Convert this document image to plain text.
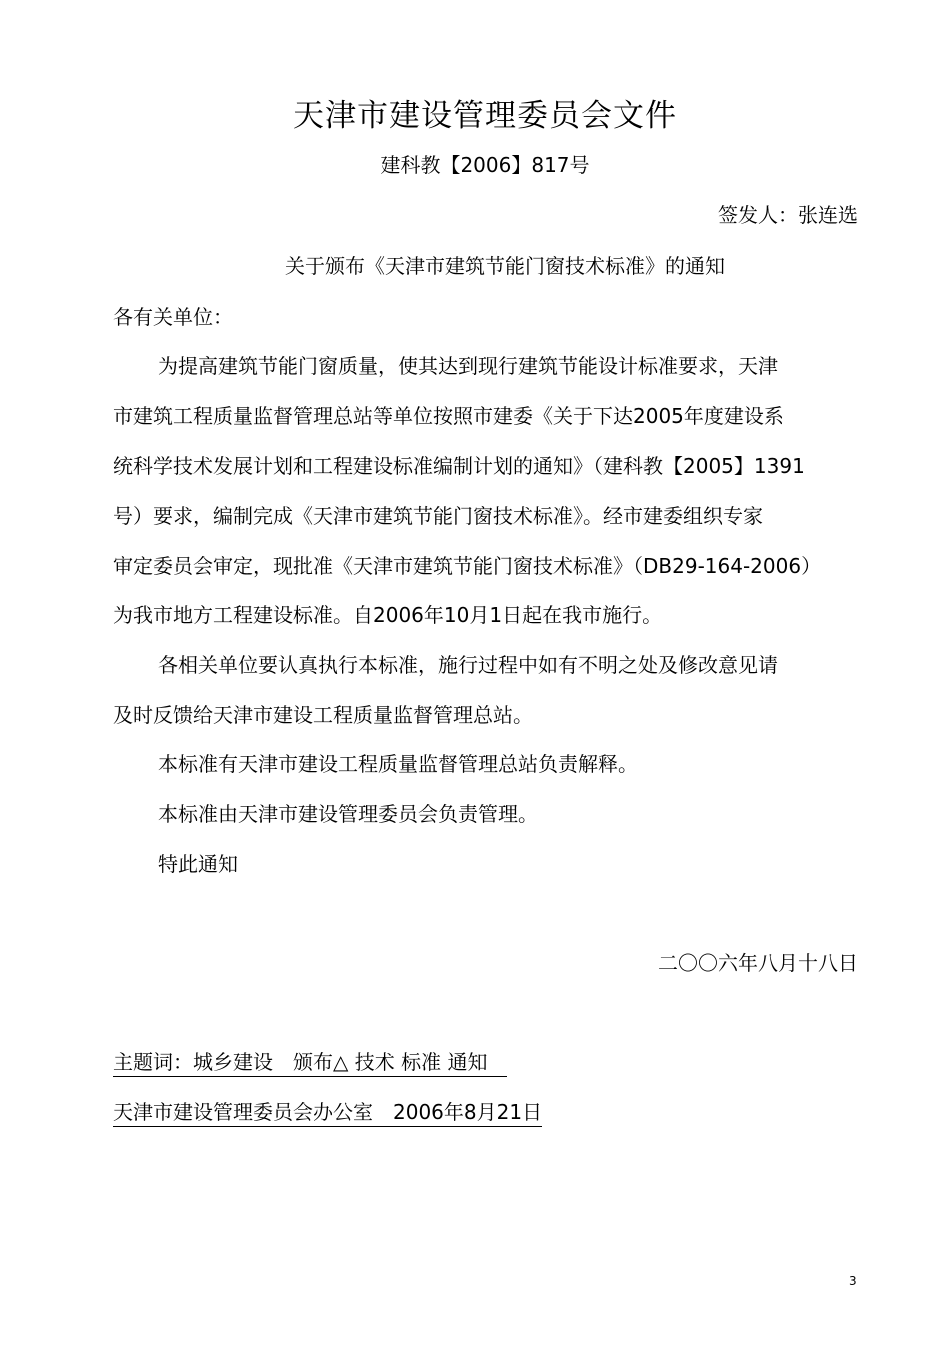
天津市建设管理委员会文件
建科教【2006】817号
签发人：张连选
关于颁布《天津市建筑节能门窗技术标准》的通知
各有关单位：
为提高建筑节能门窗质量，使其达到现行建筑节能设计标准要求，天津
市建筑工程质量监督管理总站等单位按照市建委《关于下达2005年度建设系
统科学技术发展计划和工程建设标准编制计划的通知》（建科教【2005】1391
号）要求，编制完成《天津市建筑节能门窗技术标准》。经市建委组织专家
审定委员会审定，现批准《天津市建筑节能门窗技术标准》（DB29-164-2006）
为我市地方工程建设标准。自2006年10月1日起在我市施行。
各相关单位要认真执行本标准，施行过程中如有不明之处及修改意见请
及时反馈给天津市建设工程质量监督管理总站。
本标准有天津市建设工程质量监督管理总站负责解释。
本标准由天津市建设管理委员会负责管理。
特此通知
二〇〇六年八月十八日
主题词：城乡建设　颁布△ 技术 标准 通知　
天津市建设管理委员会办公室　2006年8月21日
3
